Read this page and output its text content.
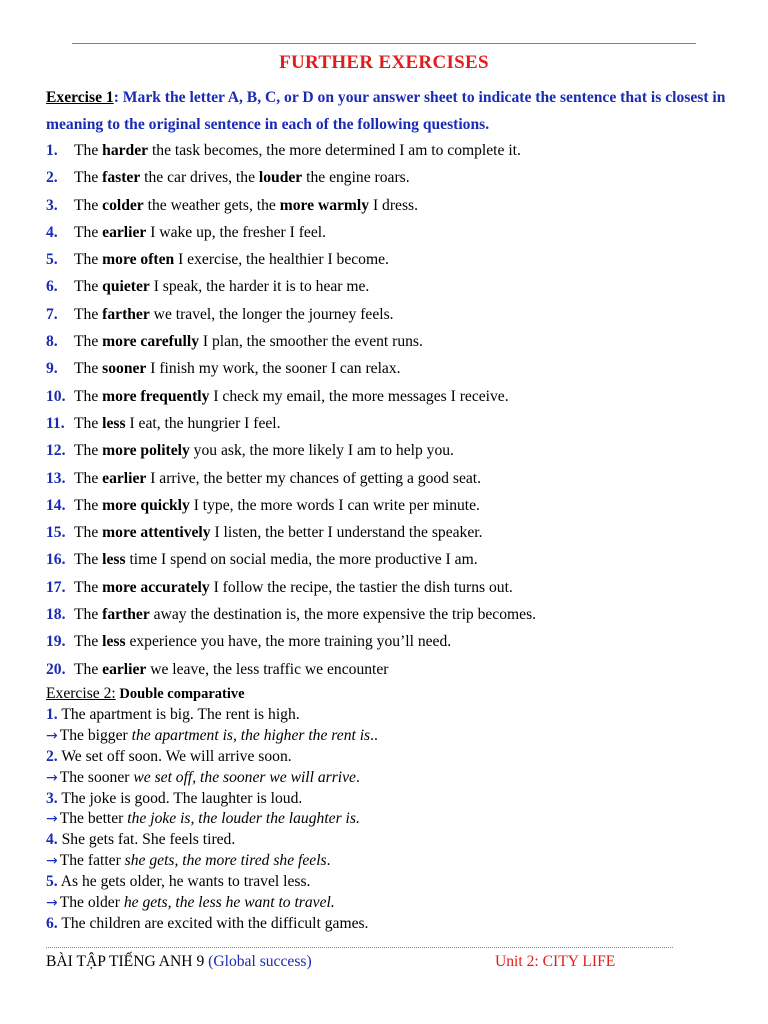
FURTHER EXERCISES
Exercise 1: Mark the letter A, B, C, or D on your answer sheet to indicate the sentence that is closest in meaning to the original sentence in each of the following questions.
1. The harder the task becomes, the more determined I am to complete it.
2. The faster the car drives, the louder the engine roars.
3. The colder the weather gets, the more warmly I dress.
4. The earlier I wake up, the fresher I feel.
5. The more often I exercise, the healthier I become.
6. The quieter I speak, the harder it is to hear me.
7. The farther we travel, the longer the journey feels.
8. The more carefully I plan, the smoother the event runs.
9. The sooner I finish my work, the sooner I can relax.
10. The more frequently I check my email, the more messages I receive.
11. The less I eat, the hungrier I feel.
12. The more politely you ask, the more likely I am to help you.
13. The earlier I arrive, the better my chances of getting a good seat.
14. The more quickly I type, the more words I can write per minute.
15. The more attentively I listen, the better I understand the speaker.
16. The less time I spend on social media, the more productive I am.
17. The more accurately I follow the recipe, the tastier the dish turns out.
18. The farther away the destination is, the more expensive the trip becomes.
19. The less experience you have, the more training you’ll need.
20. The earlier we leave, the less traffic we encounter
Exercise 2: Double comparative
1. The apartment is big. The rent is high.
→ The bigger the apartment is, the higher the rent is..
2. We set off soon. We will arrive soon.
→ The sooner we set off, the sooner we will arrive.
3. The joke is good. The laughter is loud.
→ The better the joke is, the louder the laughter is.
4. She gets fat. She feels tired.
→ The fatter she gets, the more tired she feels.
5. As he gets older, he wants to travel less.
→ The older he gets, the less he want to travel.
6. The children are excited with the difficult games.
BÀI TẬP TIẾNG ANH 9 (Global success)	Unit 2: CITY LIFE
